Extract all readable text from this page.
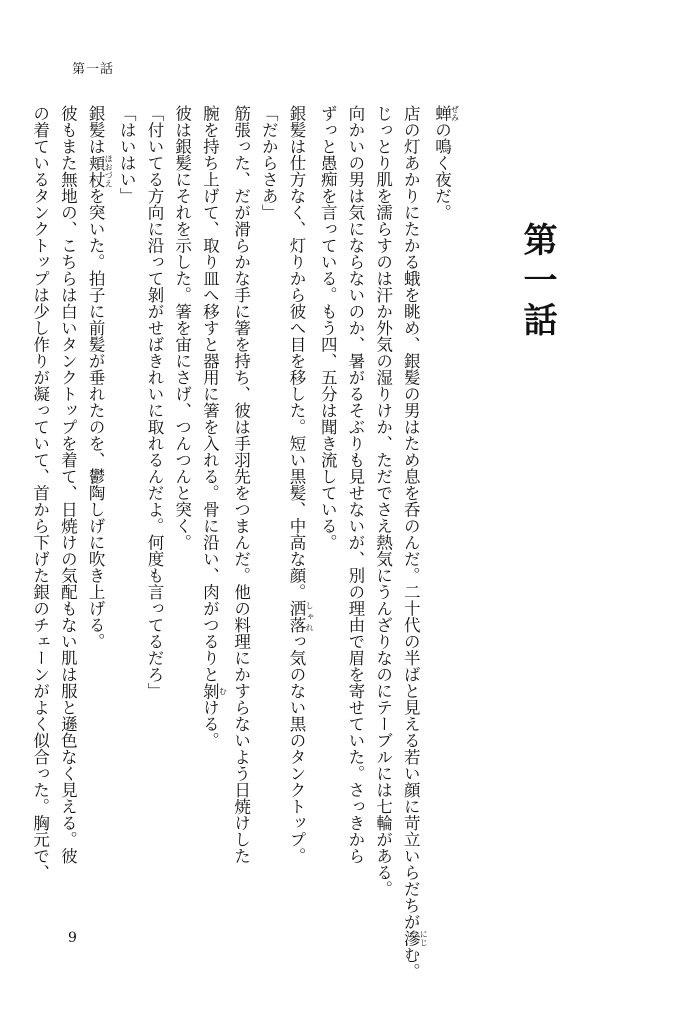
第一話
第一話
蝉 ぜみの鳴く夜だ。
店の灯あかりにたかる蛾を眺め、銀髪の男はため息を呑のんだ。二十代の半ばと見える若い顔に苛立いらだちが滲 にじむ。
じっとり肌を濡らすのは汗か外気の湿りけか、ただでさえ熱気にうんざりなのにテーブルには七輪がある。
向かいの男は気にならないのか、暑がるそぶりも見せないが、別の理由で眉を寄せていた。さっきから
ずっと愚痴を言っている。もう四、五分は聞き流している。
銀髪は仕方なく、灯りから彼へ目を移した。短い黒髪、中高な顔。洒落 しゃれっ気のない黒のタンクトップ。
「だからさあ」
筋張った、だが滑らかな手に箸を持ち、彼は手羽先をつまんだ。他の料理にかすらないよう日焼けした
腕を持ち上げて、取り皿へ移すと器用に箸を入れる。骨に沿い、肉がつるりと剝 むける。
彼は銀髪にそれを示した。箸を宙にさげ、つんつんと突く。
「付いてる方向に沿って剝がせばきれいに取れるんだよ。何度も言ってるだろ」
「はいはい」
銀髪は頬杖 ほおづえを突いた。拍子に前髪が垂れたのを、鬱陶しげに吹き上げる。
彼もまた無地の、こちらは白いタンクトップを着て、日焼けの気配もない肌は服と遜色なく見える。彼
の着ているタンクトップは少し作りが凝っていて、首から下げた銀のチェーンがよく似合った。胸元で、
9
